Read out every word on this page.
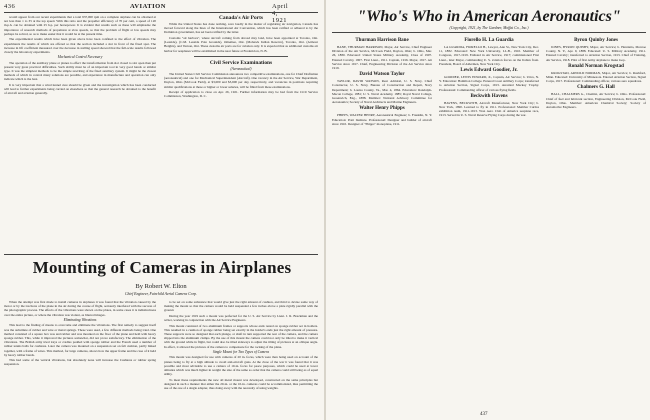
436	AVIATION	April 4, 1921

would appear from our recent experiments that a total 937,000 rpm on a complete airplane can be obtained at not less than 1 to 35 at the top speed. With this ratio and the propeller efficiency of 70 per cent, a speed of 120 m.p.h. can be obtained with 25 h.p. per horsepower. It is evident that results such as these will emphasize the importance of research methods of propulsion at slow speeds, so that the problem of flight at low speeds may perhaps be solved, so as to make easier that it would be at the present time.

The experimental results which have been given above have been confined to the effect of vibration. The experiments the results of which are offered so that the section included a slot in front of the fixed spar. The increase in lift coefficient measured over the decrease in stalling speed showed that the full-scale results followed closely the laboratory experiments.

Mechanical Control Necessary

The operation of the auxiliary plane or planes to effect the transformation from slot closed to slot open then put present very great practical difficulties. Such ability must be of an important tool in very good hands or similar type. It was the simplest methods to be the simple rewriting of the fixed auxiliary system. It might be the closest methods of which in control many solutions are possible, and experience in manufacture and operation can only indicate which is the best.

It is very important that a wind tunnel cure should be given and the investigation which has been conducted will lead to further experiments being carried on elsewhere so that the general research be obtained to the benefit of aircraft and aviation generally.

Canada's Air Ports

While the United States has done nothing, save loudly in the matter of regulating air navigation, Canada has moved forward along the lines of the International Air Convention, which has been ratified or adhered to by the Dominion government, has set been ratified by the latter.

Customs "air harbors", where aircraft coming from abroad may land, have been appointed at Toronto, Ont. (Leaside), (C.M. Leaside Pole Grounds), Omemee, Ont. (Mohawk Indian Reserve), Toronto, Ont. (Armour Heights), and Vernon, Ont. These customs air ports are for aviation only. It is expected that as additional customs air harbor for seaplanes will be established in the near future at Fredericton, N. B.

Civil Service Examinations
(Aeronautical)

The United States Civil Service Commission announces two competitive examinations, one for Chief Draftsman (aeronautical) and one for Mechanical Superintendent (Aircraft). One vacancy in the Air Service, War Department, Dayton, Ohio (McCook Field), at $3,000 and $3,600 per day, respectively, and vacancies in positions requiring similar qualifications at these or higher or lower salaries, will be filled from these examinations.

Receipt of application to close on Apr. 26, 1921. Further information may be had from the Civil Service Commission, Washington, D. C.

Mounting of Cameras in Airplanes
By Robert W. Elton
Chief Engineer, Fairchild Aerial Camera Corp.

When the attempt was first made to install cameras in airplanes it was found that the vibration caused by the motor or by the tractions of the plane in the air during the course of flight, seriously interfered with the success of the photographic process. The effects of the vibrations were shown on the plates, in some cases it is indistinctness over the entire picture, or where the vibration was violent, as blurred images.

Eliminating Vibrations

This lead to the finding of means to overcome and eliminate the vibrations. The first remedy to suggest itself was the substitute of rubber and wire or metal springs. These were used, a few different methods being tried. One method consisted of a square box was and rubber and was mounted on the floor of the plane and held with heavy sponge rubber. This, while it improved the pictures somewhat, did not prove satisfactory. The elimination of the vibrations. The British army tried trays or cradles padded with sponge rubber and the French used a number of rubber tennis balls for cushions. Later the camera was mounted on a suspension set on felt cushion, partly linked together, with a frame of wires. This method, for large cameras, shows how the upper frame and the case of it held by heavy rubber bands.

This had some of the vertical vibrations, but absolutely none will increase the Cushions or rubber spring suspension.

to be set on some substance that would give just the right amount of cushion, and third to devise some way of making the mount so that the camera would be held suspended a few inches above a plate rigidly parallel with the ground.

During the year 1919 such a mount was perfected for the U. S. Air Service by Lieut. J. R. Breckman and the writer, working in conjunction with the Air Service Engineers.

This mount consisted of two aluminum frames or supports whose ends rested on sponge rubber set in holders. This resulted in a cushion of sponge rubber being set exactly in the holder's ends just the right amount of pressure. These supports were so designed that each plunge, or shaft in turn supported the rear of the camera, and the camera slipped into the aluminum clamps. By the use of this mount the camera could not only be tilted to make it vertical with the ground while in flight, but could also be tilted sideways to adjust the tilting of pictures at an oblique angle. In effect, it allowed the pictures of the camera to compensate for the rocking of the plane.

Single Mount for Two Types of Camera

This mount was designed for use with cameras of 20 in. focus, which were then being used on account of the planes being to fly at a high altitude to avoid anti-aircraft guns. At the close of the war it was found that it was possible and most advisable to use a camera of 10-in. focus for peace purposes, which could be used at lower altitudes which was much lighter in weight the size of the same so order that the camera could still being as of equal utility.

To meet these requirements the new all metal mount was developed, constructed on the same principles but designed in such a manner that either the 20-in. or the 10-in. cameras could be accommodated, thus permitting the use of the one of a single adapter, thus doing away with the necessity of using weights.

"Who's Who in American Aeronautics"
(Copyright, 1921, by The Gardner, Moffat Co., Inc.)
Thurman Harrison Bane

BANE, THURMAN HARRISON, Major, Air Service, Chief Engineer Division of the Air Service, McCook Field, Dayton, Ohio; b. Ohio, Mar. 26, 1880. Educated: United States Military Academy, Class of 1907. Entered Cavalry, 1907. First Lieut., 1911. Captain, 1916. Major, 1917. Air Service since 1917. Chief, Engineering Division of the Air Service since 1919.

David Watson Taylor

TAYLOR, DAVID WATSON, Rear Admiral, U. S. Navy, Chief Constructor, U. S. Navy, Bureau of Construction and Repair, Navy Department; b. Louisa County, Va., Mar. 4, 1864. Education: Randolph-Macon College, 1881; U. S. Naval Academy, 1885; Royal Naval College, Greenwich, Eng., 1888. Member: National Advisory Committee for Aeronautics; Society of Naval Architects and Marine Engineers.

Walter Henry Phipps

PHIPPS, WALTER HENRY, Aeronautical Engineer; b. Franklin, N. Y. Education: Pratt Institute. Professional: Designer and builder of aircraft since 1910. Designer of "Phipps" monoplane, 1911.

Fiorello H. La Guardia

LA GUARDIA, FIORELLO H., Lawyer, Ann St., New York City, Dec. 11, 1882. Educated: New York University, LL.B., 1910. Member of Congress, 1917-1919. Enlisted in Air Service, 1917; commissioned First Lieut., later Major, commanding U. S. aviation forces on the Italian front. President, Board of Aldermen, New York City.

Lewis Edward Goodier, Jr.

GOODIER, LEWIS EDWARD, Jr., Captain, Air Service; b. Utica, N. Y. Education: Hamilton College. Entered Coast Artillery Corps; transferred to Aviation Section, Signal Corps, 1913. Awarded Mackay Trophy. Professional: Commanding officer of various flying fields.

Beckwith Havens

HAVENS, BECKWITH, Aircraft Manufacturer, New York City; b. New York, 1890. Learned to fly in 1911. Professional: Member Curtiss exhibition team, 1911-1913. Won Aero Club of America seaplane race, 1913. Served in U. S. Naval Reserve Flying Corps during the war.

Byron Quinby Jones

JONES, BYRON QUINBY, Major, Air Service; b. Henrietta, Monroe County, N. Y., Apr. 9, 1888. Educated: U. S. Military Academy, 1911. Entered Cavalry; transferred to Aviation Section, 1913. Chief of Training, Air Service, 1918. Pilot of first Army airplane to make loop.

Ronald Norman Krogstad

KROGSTAD, ARNOLD NORMAN, Major, Air Service; b. Rushford, Minn. Educated: University of Minnesota. Entered Aviation Section, Signal Corps, 1917. Professional: Commanding officer, various aero squadrons.

Chalmers G. Hall

HALL, CHALMERS G., Chemist, Air Service; b. Ohio. Professional: Chief of fuel and lubricant section, Engineering Division, McCook Field, Dayton, Ohio. Member: American Chemical Society; Society of Automotive Engineers.

437
